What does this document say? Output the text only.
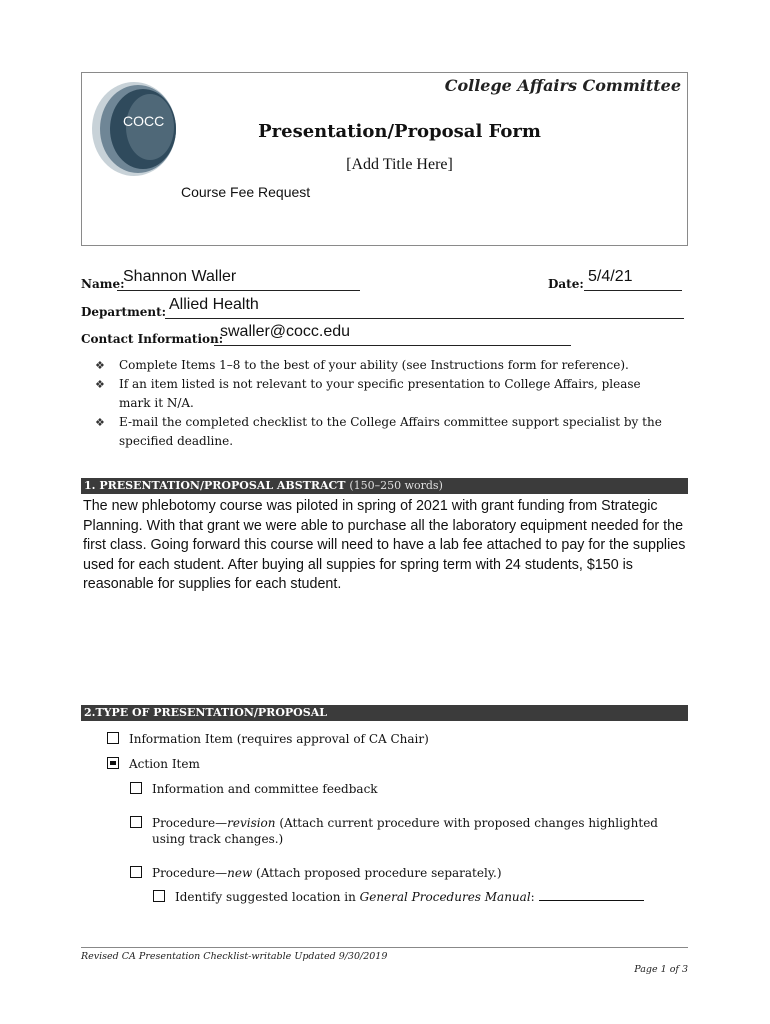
COCC
College Affairs Committee
Presentation/Proposal Form
[Add Title Here]
Course Fee Request
Name:
Shannon Waller	Date: 5/4/21
Department: Allied Health
Contact Information:
swaller@cocc.edu
❖ Complete Items 1–8 to the best of your ability (see Instructions form for reference).
❖ If an item listed is not relevant to your specific presentation to College Affairs, please mark it N/A.
❖ E-mail the completed checklist to the College Affairs committee support specialist by the specified deadline.
1. PRESENTATION/PROPOSAL ABSTRACT (150–250 words)
The new phlebotomy course was piloted in spring of 2021 with grant funding from Strategic Planning. With that grant we were able to purchase all the laboratory equipment needed for the first class. Going forward this course will need to have a lab fee attached to pay for the supplies used for each student. After buying all suppies for spring term with 24 students, $150 is reasonable for supplies for each student.
2.TYPE OF PRESENTATION/PROPOSAL
Information Item (requires approval of CA Chair)
Action Item
Information and committee feedback
Procedure—revision (Attach current procedure with proposed changes highlighted using track changes.)
Procedure—new (Attach proposed procedure separately.)
Identify suggested location in General Procedures Manual:
Revised CA Presentation Checklist-writable Updated 9/30/2019
Page 1 of 3
